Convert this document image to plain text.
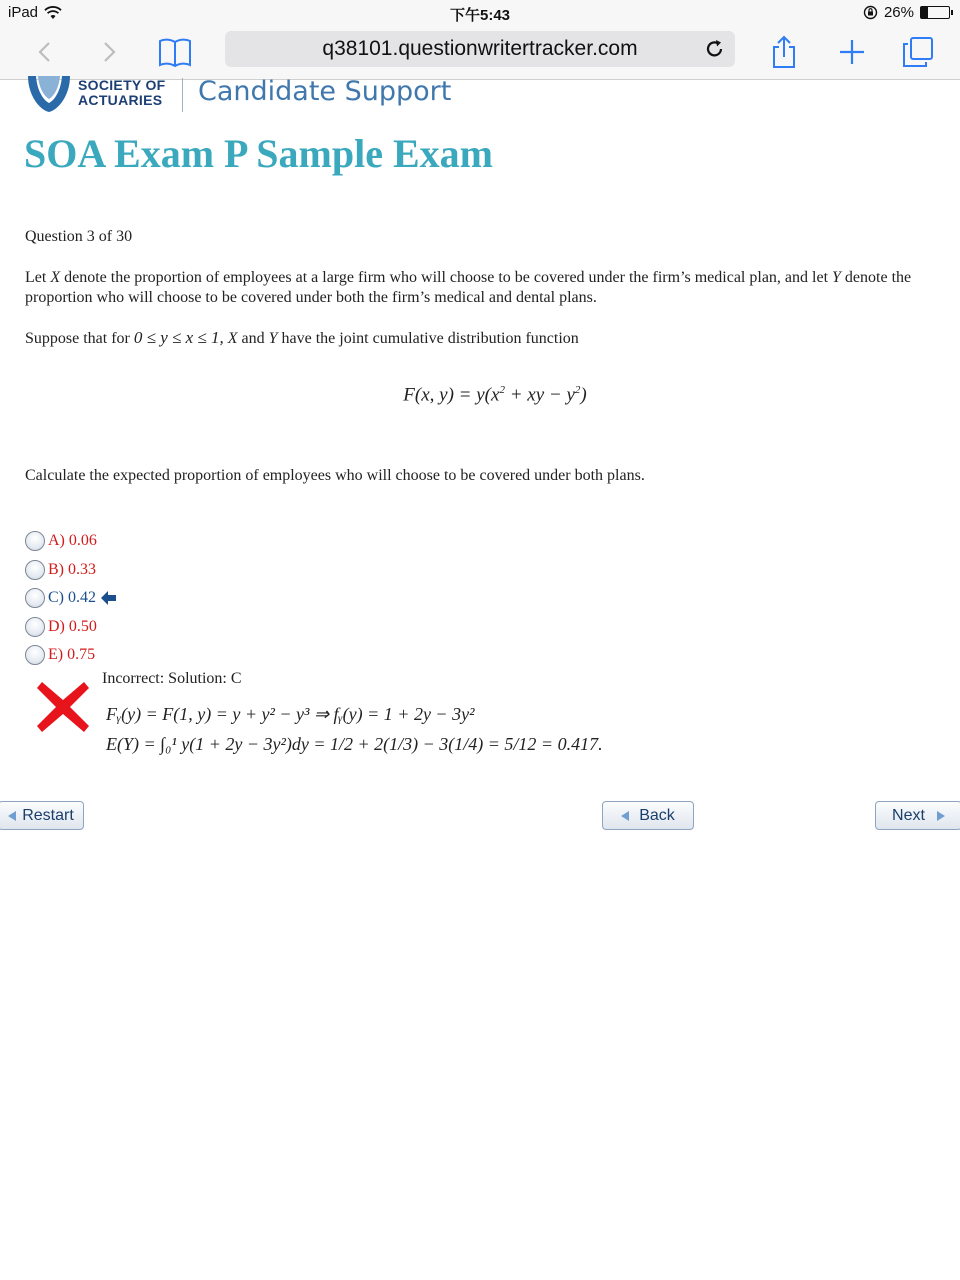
iPad	下午5:43	26%
q38101.questionwritertracker.com
SOCIETY OF
ACTUARIES Candidate Support
SOA Exam P Sample Exam
Question 3 of 30
Let X denote the proportion of employees at a large firm who will choose to be covered under the firm’s medical plan, and let Y denote the proportion who will choose to be covered under both the firm’s medical and dental plans.
Suppose that for 0 ≤ y ≤ x ≤ 1, X and Y have the joint cumulative distribution function
F(x, $y) = y(x^2$ + xy − $y^2$)
Calculate the expected proportion of employees who will choose to be covered under both plans.
A) 0.06
B) 0.33
C) 0.42
D) 0.50
E) 0.75
Incorrect: Solution: C
Fᵧ(y) = F(1, y) = y + y² − y³ ⇒ fᵧ(y) = 1 + 2y − 3y²
E(Y) = ∫₀¹ y(1 + 2y − 3y²)dy = 1/2 + 2(1/3) − 3(1/4) = 5/12 = 0.417.
Restart	Back	Next
